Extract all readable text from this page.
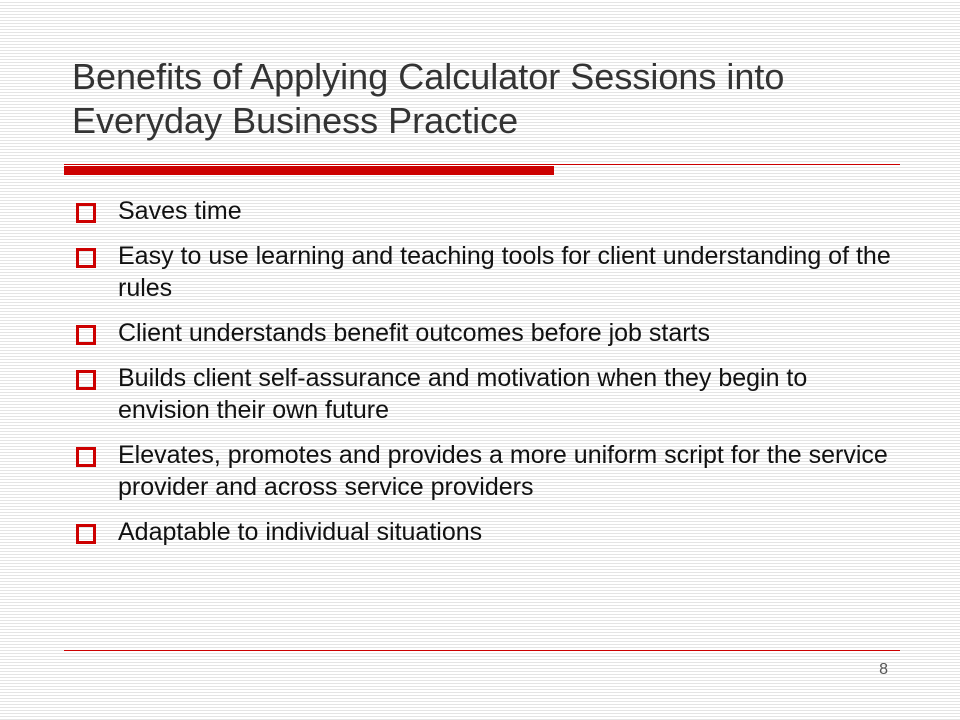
Benefits of Applying Calculator Sessions into Everyday Business Practice
Saves time
Easy to use learning and teaching tools for client understanding of the rules
Client understands benefit outcomes before job starts
Builds client self-assurance and motivation when they begin to envision their own future
Elevates, promotes and provides a more uniform script for the service provider and across service providers
Adaptable to individual situations
8
